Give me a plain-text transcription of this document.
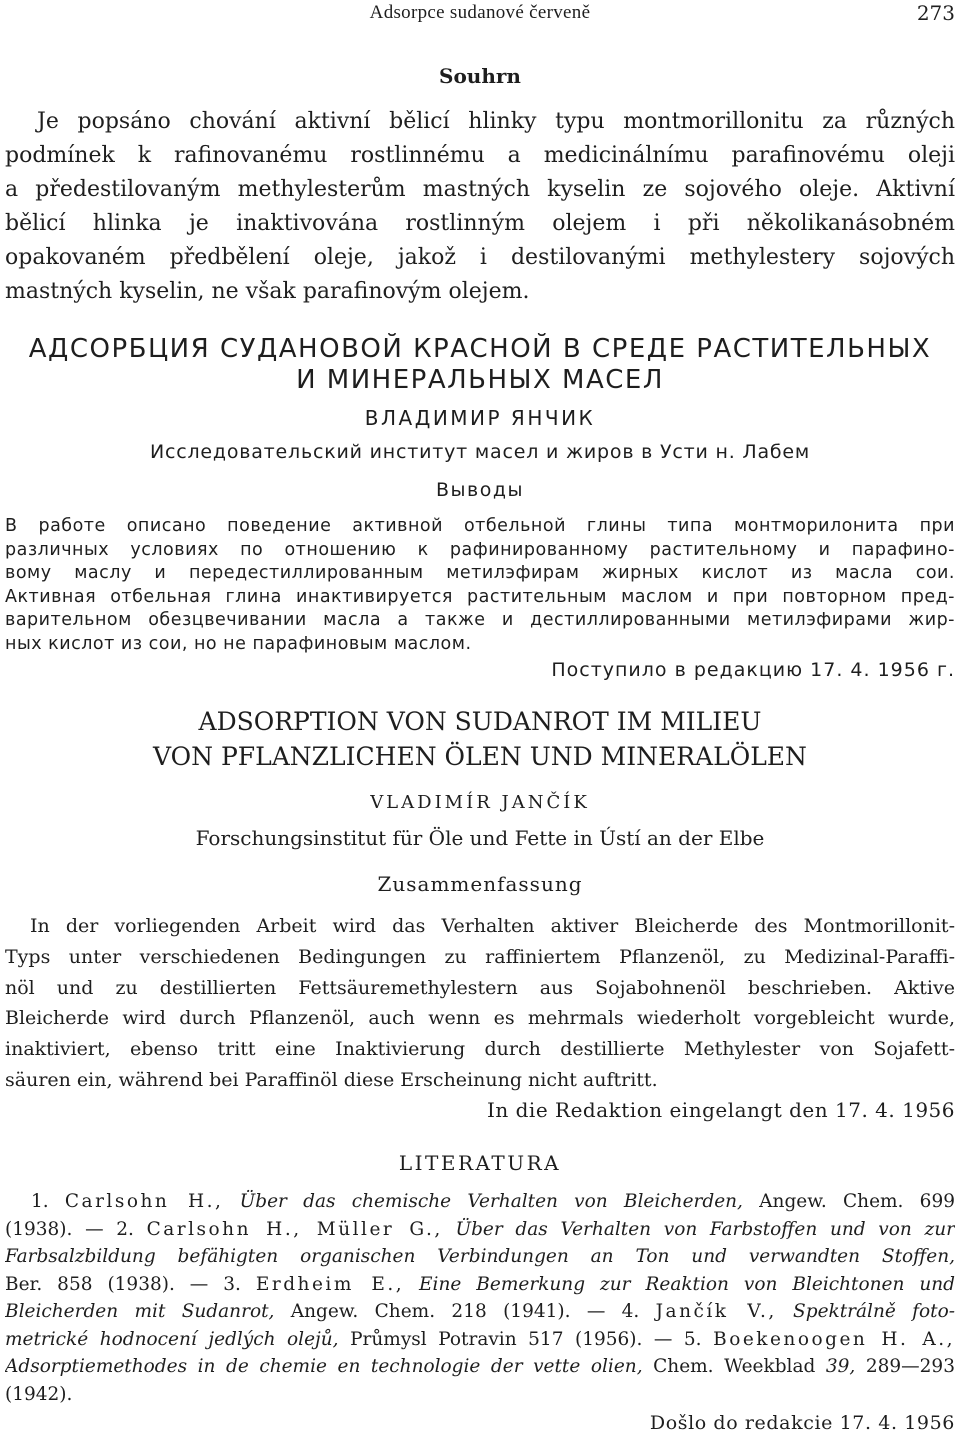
Adsorpce sudanové červeně	273
Souhrn
Je popsáno chování aktivní bělicí hlinky typu montmorillonitu za různých
podmínek k rafinovanému rostlinnému a medicinálnímu parafinovému oleji
a předestilovaným methylesterům mastných kyselin ze sojového oleje. Aktivní
bělicí hlinka je inaktivována rostlinným olejem i při několikanásobném
opakovaném předbělení oleje, jakož i destilovanými methylestery sojových
mastných kyselin, ne však parafinovým olejem.
АДСОРБЦИЯ СУДАНОВОЙ КРАСНОЙ В СРЕДЕ РАСТИТЕЛЬНЫХ
И МИНЕРАЛЬНЫХ МАСЕЛ
ВЛАДИМИР ЯНЧИК
Исследовательский институт масел и жиров в Усти н. Лабем
Выводы
В работе описано поведение активной отбельной глины типа монтморилонита при
различных условиях по отношению к рафинированному растительному и парафино-
вому маслу и передестиллированным метилэфирам жирных кислот из масла сои.
Активная отбельная глина инактивируется растительным маслом и при повторном пред-
варительном обезцвечивании масла а также и дестиллированными метилэфирами жир-
ных кислот из сои, но не парафиновым маслом.
Поступило в редакцию 17. 4. 1956 г.
ADSORPTION VON SUDANROT IM MILIEU
VON PFLANZLICHEN ÖLEN UND MINERALÖLEN
VLADIMÍR JANČÍK
Forschungsinstitut für Öle und Fette in Ústí an der Elbe
Zusammenfassung
In der vorliegenden Arbeit wird das Verhalten aktiver Bleicherde des Montmorillonit-
Typs unter verschiedenen Bedingungen zu raffiniertem Pflanzenöl, zu Medizinal-Paraffi-
nöl und zu destillierten Fettsäuremethylestern aus Sojabohnenöl beschrieben. Aktive
Bleicherde wird durch Pflanzenöl, auch wenn es mehrmals wiederholt vorgebleicht wurde,
inaktiviert, ebenso tritt eine Inaktivierung durch destillierte Methylester von Sojafett-
säuren ein, während bei Paraffinöl diese Erscheinung nicht auftritt.
In die Redaktion eingelangt den 17. 4. 1956
LITERATURA
1. Carlsohn H., Über das chemische Verhalten von Bleicherden, Angew. Chem. 699
(1938). — 2. Carlsohn H., Müller G., Über das Verhalten von Farbstoffen und von zur
Farbsalzbildung befähigten organischen Verbindungen an Ton und verwandten Stoffen,
Ber. 858 (1938). — 3. Erdheim E., Eine Bemerkung zur Reaktion von Bleichtonen und
Bleicherden mit Sudanrot, Angew. Chem. 218 (1941). — 4. Jančík V., Spektrálně foto-
metrické hodnocení jedlých olejů, Průmysl Potravin 517 (1956). — 5. Boekenoogen H. A.,
Adsorptiemethodes in de chemie en technologie der vette olien, Chem. Weekblad 39, 289—293
(1942).
Došlo do redakcie 17. 4. 1956
